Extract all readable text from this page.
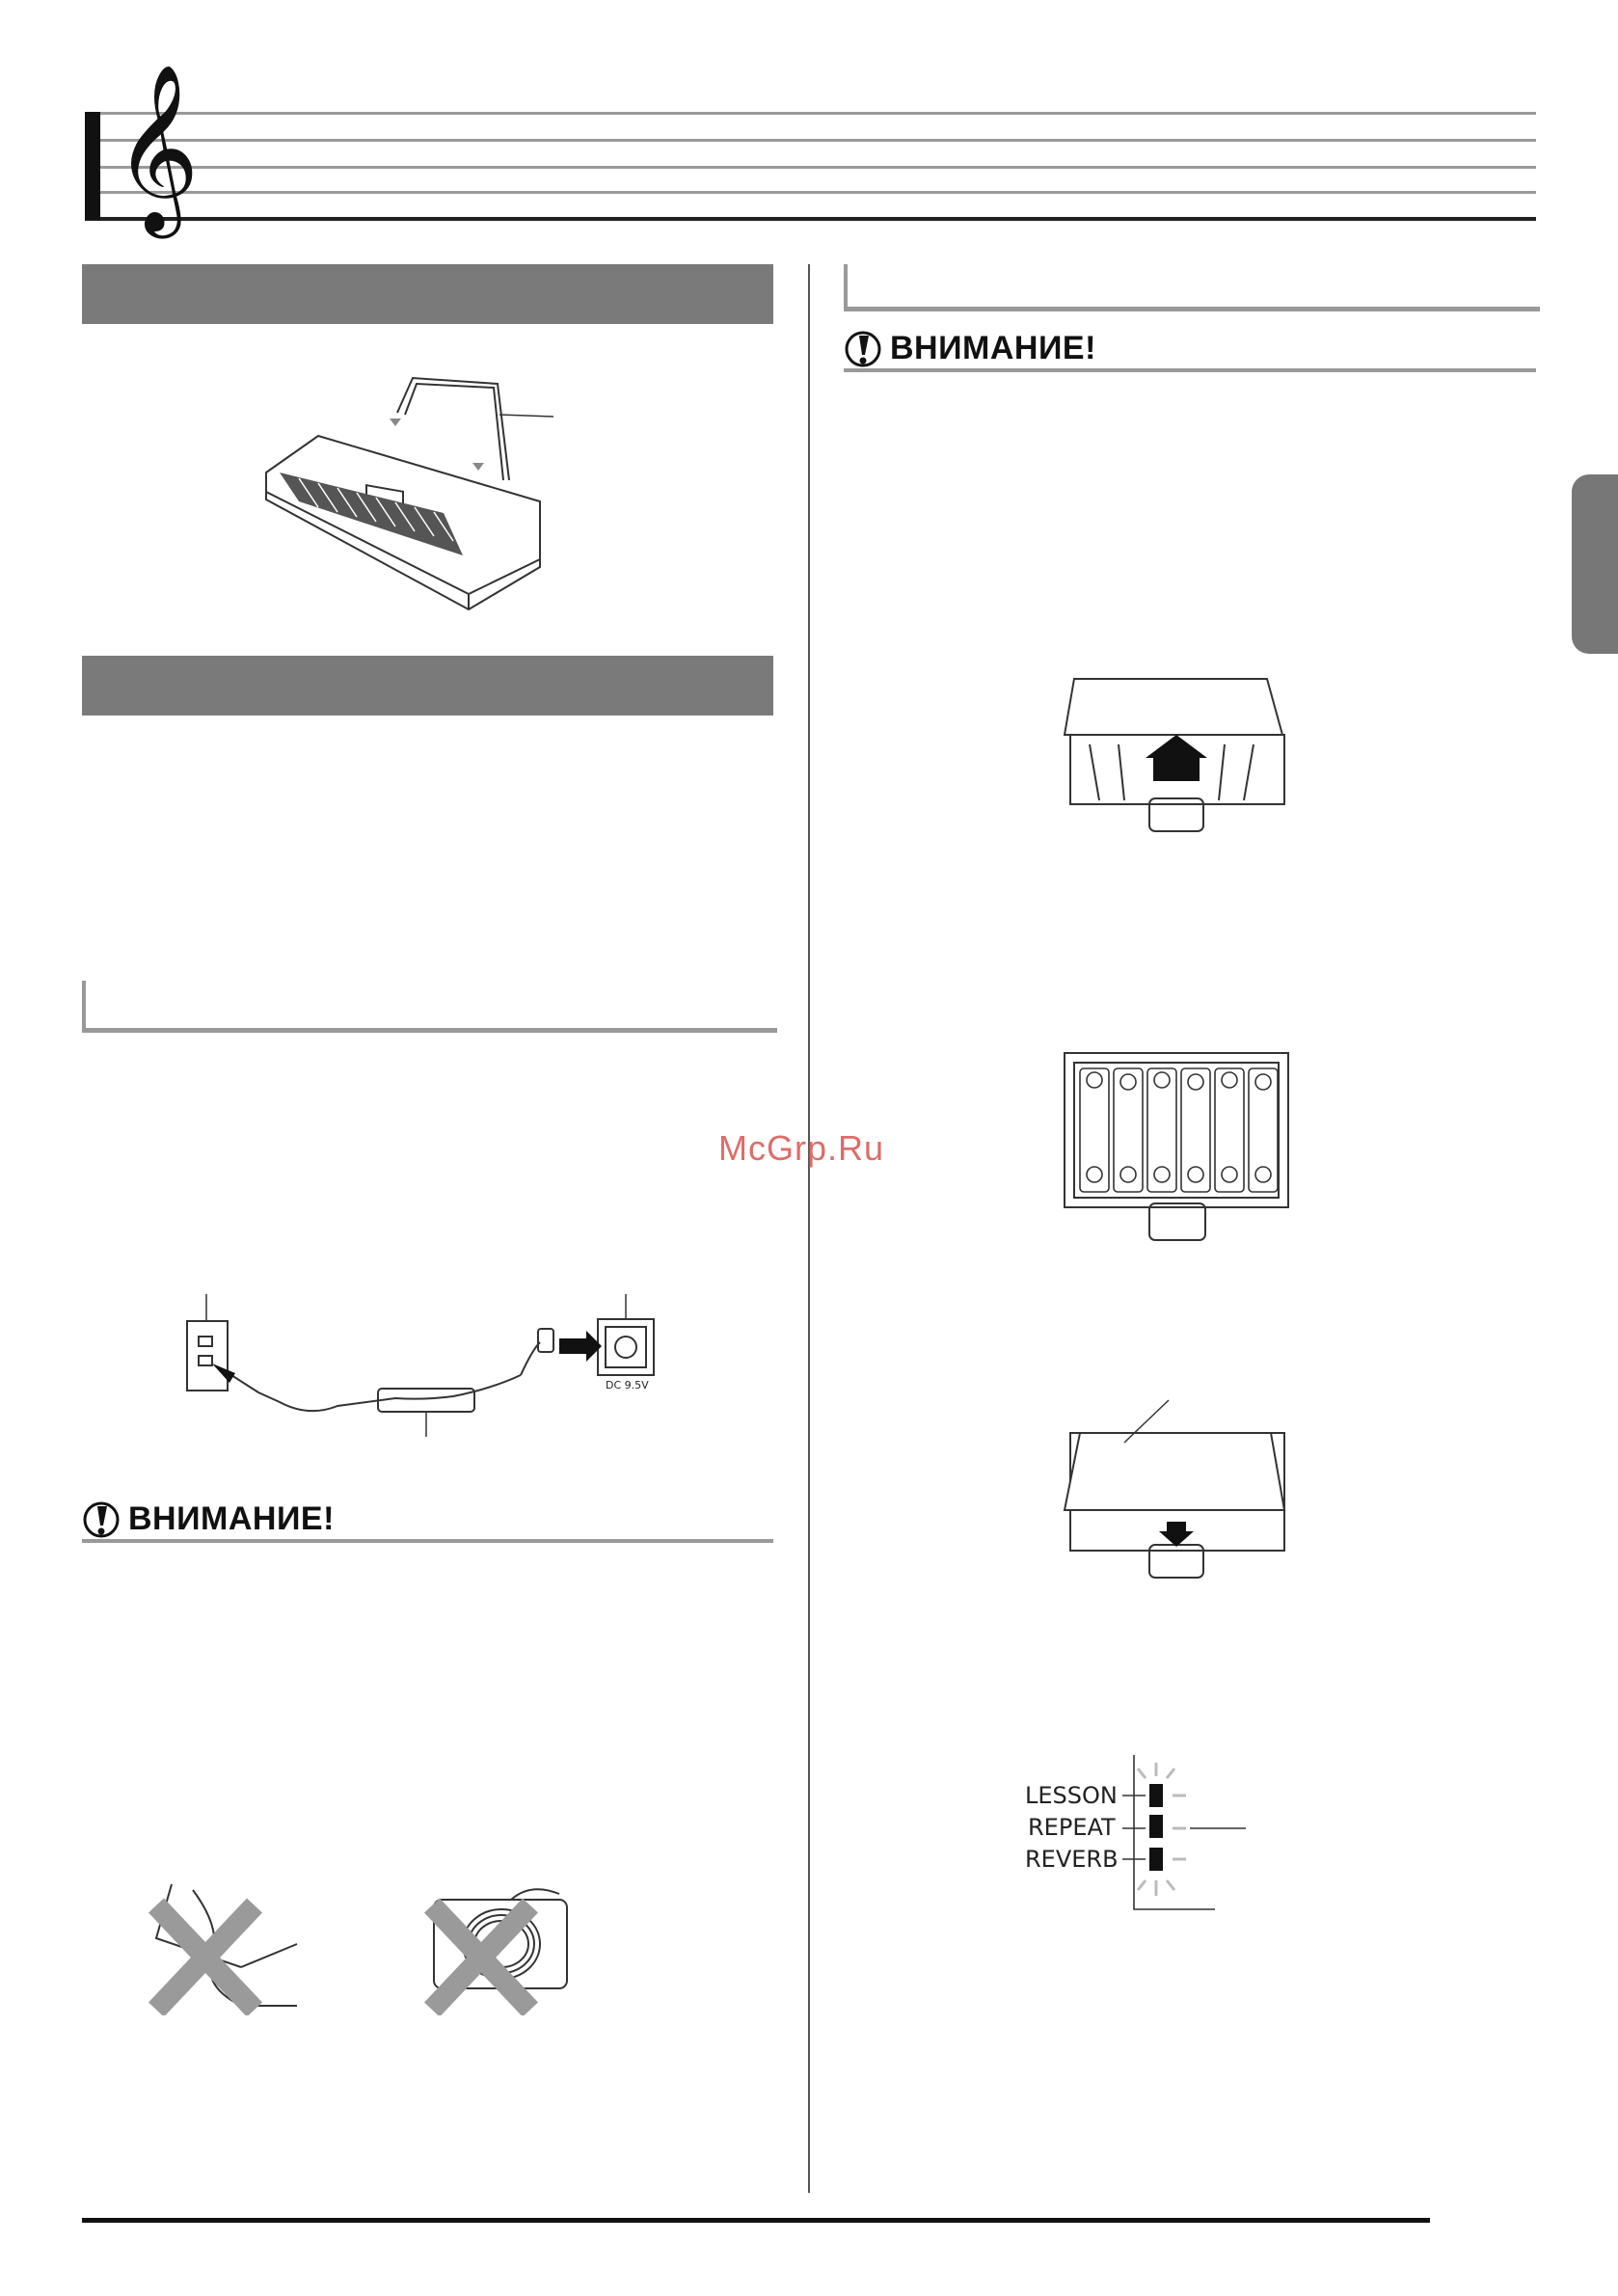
𝄞
DC 9.5V
ВНИМАНИЕ!
ВНИМАНИЕ!
McGrp.Ru
LESSON
REPEAT
REVERB
